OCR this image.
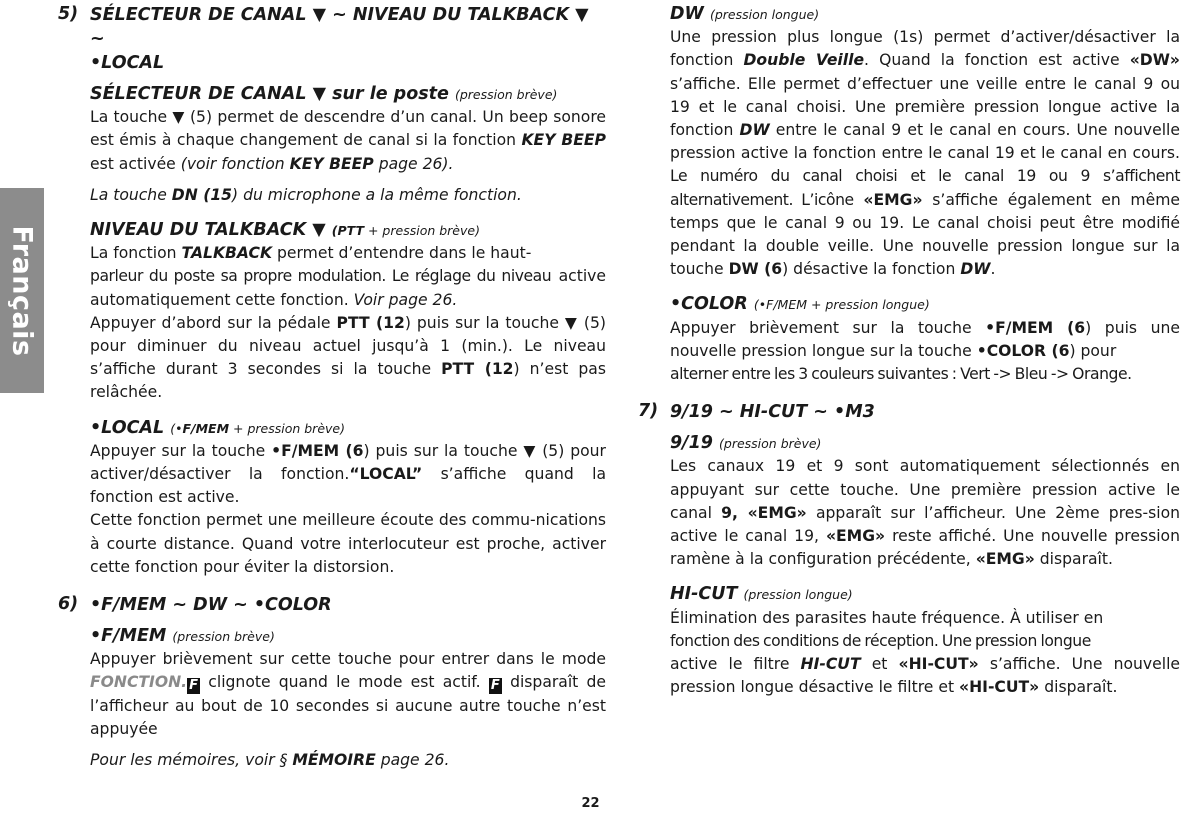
Français
5) SÉLECTEUR DE CANAL ▼ ~ NIVEAU DU TALKBACK ▼ ~
•LOCAL
SÉLECTEUR DE CANAL ▼ sur le poste (pression brève)

La touche ▼ (5) permet de descendre d’un canal. Un beep sonore est émis à chaque changement de canal si la fonction KEY BEEP est activée (voir fonction KEY BEEP page 26).

La touche DN (15) du microphone a la même fonction.

NIVEAU DU TALKBACK ▼ (PTT + pression brève)

La fonction TALKBACK permet d’entendre dans le haut-
parleur du poste sa propre modulation. Le réglage du niveau active automatiquement cette fonction. Voir page 26.

Appuyer d’abord sur la pédale PTT (12) puis sur la touche ▼ (5) pour diminuer du niveau actuel jusqu’à 1 (min.). Le niveau s’affiche durant 3 secondes si la touche PTT (12) n’est pas relâchée.

•LOCAL (•F/MEM + pression brève)

Appuyer sur la touche •F/MEM (6) puis sur la touche ▼ (5) pour activer/désactiver la fonction.“LOCAL” s’affiche quand la fonction est active.

Cette fonction permet une meilleure écoute des commu-nications à courte distance. Quand votre interlocuteur est proche, activer cette fonction pour éviter la distorsion.

6) •F/MEM ~ DW ~ •COLOR
•F/MEM (pression brève)

Appuyer brièvement sur cette touche pour entrer dans le mode FONCTION. F clignote quand le mode est actif. F disparaît de l’afficheur au bout de 10 secondes si aucune autre touche n’est appuyée

Pour les mémoires, voir § MÉMOIRE page 26.

DW (pression longue)

Une pression plus longue (1s) permet d’activer/désactiver la fonction Double Veille. Quand la fonction est active «DW» s’affiche. Elle permet d’effectuer une veille entre le canal 9 ou 19 et le canal choisi. Une première pression longue active la fonction DW entre le canal 9 et le canal en cours. Une nouvelle pression active la fonction entre le canal 19 et le canal en cours. Le numéro du canal choisi et le canal 19 ou 9 s’affichent alternativement. L’icône «EMG» s’affiche également en même temps que le canal 9 ou 19. Le canal choisi peut être modifié pendant la double veille. Une nouvelle pression longue sur la touche DW (6) désactive la fonction DW.

•COLOR (•F/MEM + pression longue)

Appuyer brièvement sur la touche •F/MEM (6) puis une nouvelle pression longue sur la touche •COLOR (6) pour
alterner entre les 3 couleurs suivantes : Vert -> Bleu -> Orange.

7) 9/19 ~ HI-CUT ~ •M3
9/19 (pression brève)

Les canaux 19 et 9 sont automatiquement sélectionnés en appuyant sur cette touche. Une première pression active le canal 9, «EMG» apparaît sur l’afficheur. Une 2ème pres-sion active le canal 19, «EMG» reste affiché. Une nouvelle pression ramène à la configuration précédente, «EMG» disparaît.

HI-CUT (pression longue)

Élimination des parasites haute fréquence. À utiliser en
fonction des conditions de réception. Une pression longue
active le filtre HI-CUT et «HI-CUT» s’affiche. Une nouvelle pression longue désactive le filtre et «HI-CUT» disparaît.

22
